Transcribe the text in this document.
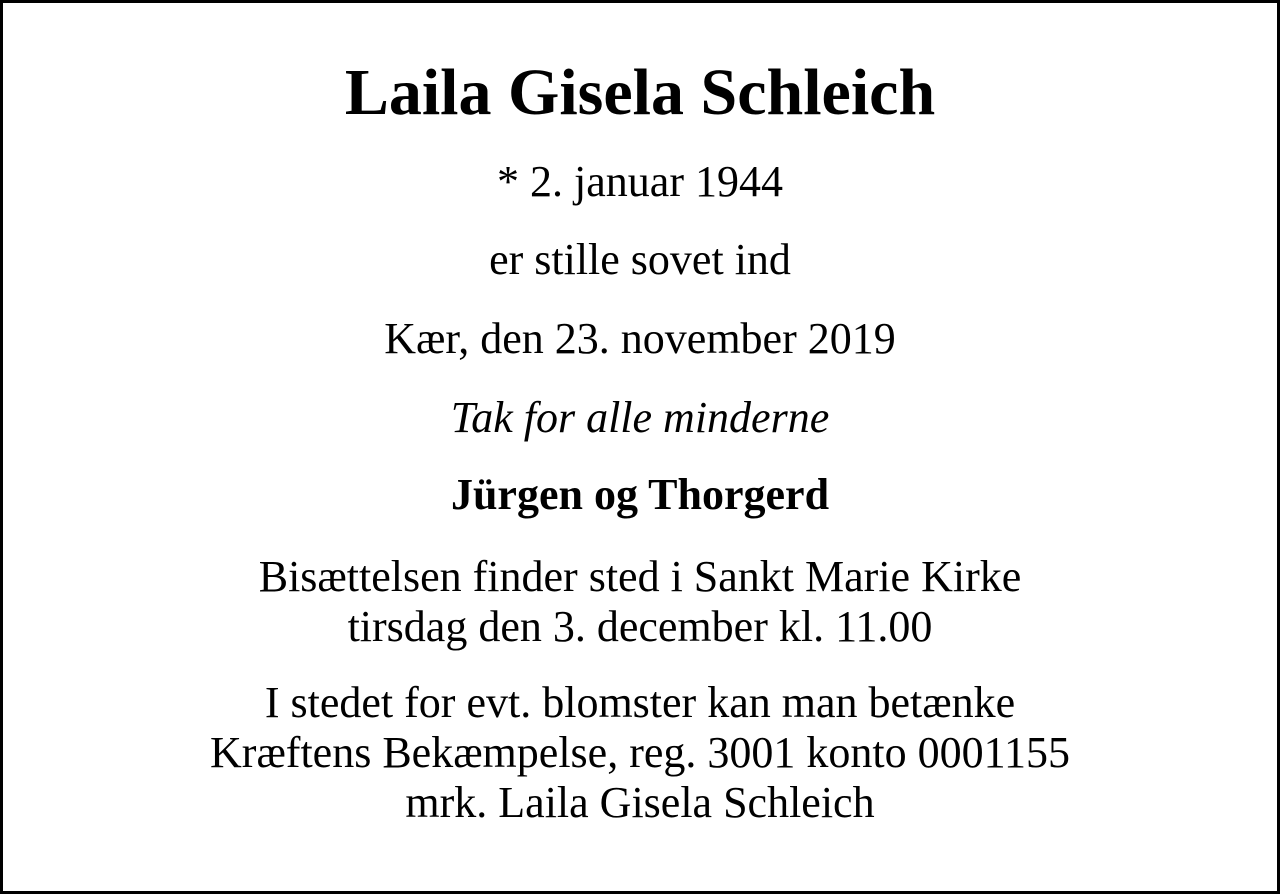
Laila Gisela Schleich

* 2. januar 1944

er stille sovet ind

Kær, den 23. november 2019

Tak for alle minderne

Jürgen og Thorgerd

Bisættelsen finder sted i Sankt Marie Kirke
tirsdag den 3. december kl. 11.00
I stedet for evt. blomster kan man betænke
Kræftens Bekæmpelse, reg. 3001 konto 0001155
mrk. Laila Gisela Schleich
